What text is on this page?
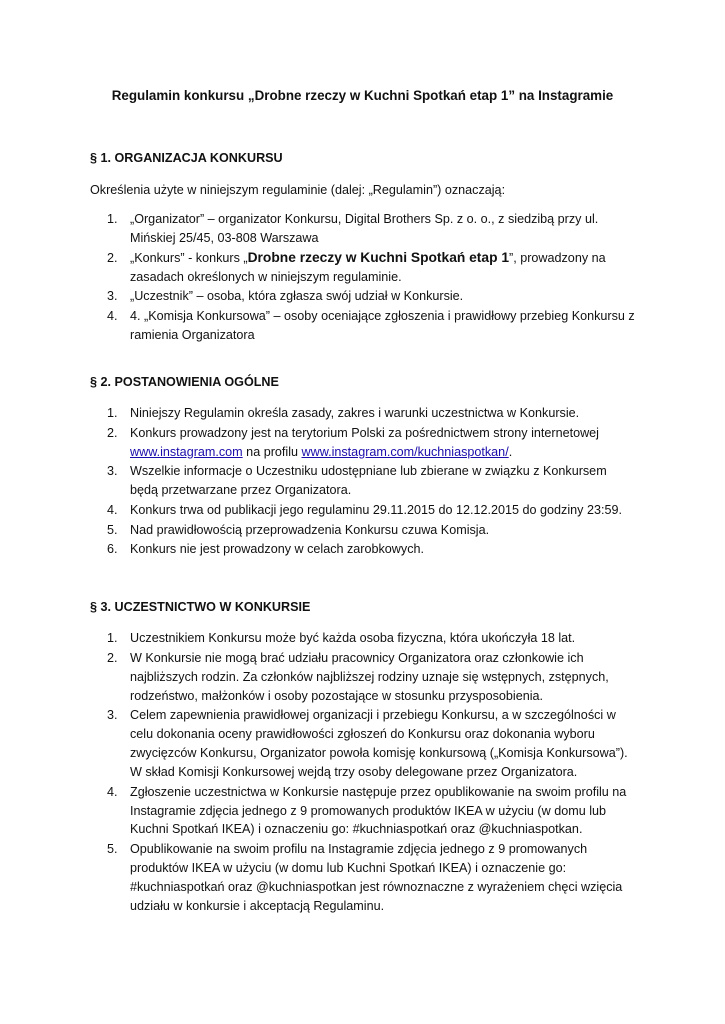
Regulamin konkursu „Drobne rzeczy w Kuchni Spotkań etap 1” na Instagramie
§ 1. ORGANIZACJA KONKURSU
Określenia użyte w niniejszym regulaminie (dalej: „Regulamin”) oznaczają:
1. „Organizator” – organizator Konkursu, Digital Brothers Sp. z o. o., z siedzibą przy ul. Mińskiej 25/45, 03-808 Warszawa
2. „Konkurs” - konkurs „Drobne rzeczy w Kuchni Spotkań etap 1”, prowadzony na zasadach określonych w niniejszym regulaminie.
3. „Uczestnik” – osoba, która zgłasza swój udział w Konkursie.
4. 4. „Komisja Konkursowa” – osoby oceniające zgłoszenia i prawidłowy przebieg Konkursu z ramienia Organizatora
§ 2. POSTANOWIENIA OGÓLNE
1. Niniejszy Regulamin określa zasady, zakres i warunki uczestnictwa w Konkursie.
2. Konkurs prowadzony jest na terytorium Polski za pośrednictwem strony internetowej www.instagram.com na profilu www.instagram.com/kuchniaspotkan/.
3. Wszelkie informacje o Uczestniku udostępniane lub zbierane w związku z Konkursem będą przetwarzane przez Organizatora.
4. Konkurs trwa od publikacji jego regulaminu 29.11.2015 do 12.12.2015 do godziny 23:59.
5. Nad prawidłowością przeprowadzenia Konkursu czuwa Komisja.
6. Konkurs nie jest prowadzony w celach zarobkowych.
§ 3. UCZESTNICTWO W KONKURSIE
1. Uczestnikiem Konkursu może być każda osoba fizyczna, która ukończyła 18 lat.
2. W Konkursie nie mogą brać udziału pracownicy Organizatora oraz członkowie ich najbliższych rodzin. Za członków najbliższej rodziny uznaje się wstępnych, zstępnych, rodzeństwo, małżonków i osoby pozostające w stosunku przysposobienia.
3. Celem zapewnienia prawidłowej organizacji i przebiegu Konkursu, a w szczególności w celu dokonania oceny prawidłowości zgłoszeń do Konkursu oraz dokonania wyboru zwycięzców Konkursu, Organizator powoła komisję konkursową („Komisja Konkursowa”). W skład Komisji Konkursowej wejdą trzy osoby delegowane przez Organizatora.
4. Zgłoszenie uczestnictwa w Konkursie następuje przez opublikowanie na swoim profilu na Instagramie zdjęcia jednego z 9 promowanych produktów IKEA w użyciu (w domu lub Kuchni Spotkań IKEA) i oznaczeniu go: #kuchniaspotkań oraz @kuchniaspotkan.
5. Opublikowanie na swoim profilu na Instagramie zdjęcia jednego z 9 promowanych produktów IKEA w użyciu (w domu lub Kuchni Spotkań IKEA) i oznaczenie go: #kuchniaspotkań oraz @kuchniaspotkan jest równoznaczne z wyrażeniem chęci wzięcia udziału w konkursie i akceptacją Regulaminu.
